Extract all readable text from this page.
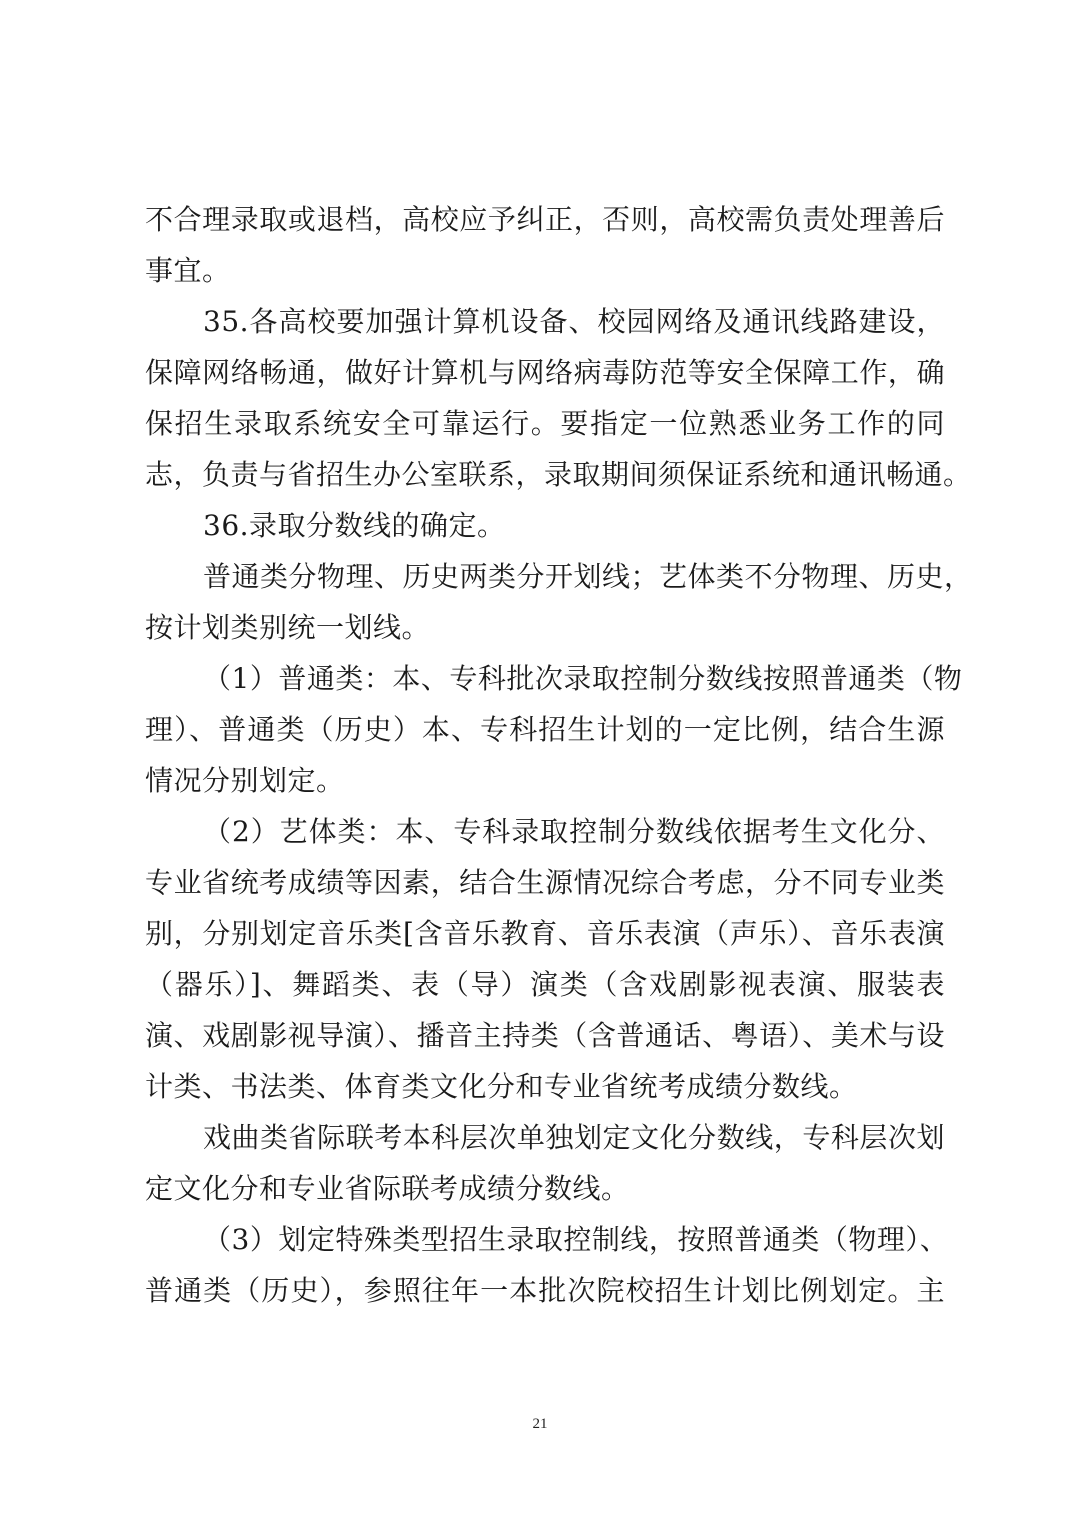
不合理录取或退档，高校应予纠正，否则，高校需负责处理善后
事宜。
35.各高校要加强计算机设备、校园网络及通讯线路建设，
保障网络畅通，做好计算机与网络病毒防范等安全保障工作，确
保招生录取系统安全可靠运行。要指定一位熟悉业务工作的同
志，负责与省招生办公室联系，录取期间须保证系统和通讯畅通。
36.录取分数线的确定。
普通类分物理、历史两类分开划线；艺体类不分物理、历史，
按计划类别统一划线。
（1）普通类：本、专科批次录取控制分数线按照普通类（物
理）、普通类（历史）本、专科招生计划的一定比例，结合生源
情况分别划定。
（2）艺体类：本、专科录取控制分数线依据考生文化分、
专业省统考成绩等因素，结合生源情况综合考虑，分不同专业类
别，分别划定音乐类[含音乐教育、音乐表演（声乐）、音乐表演
（器乐）]、舞蹈类、表（导）演类（含戏剧影视表演、服装表
演、戏剧影视导演）、播音主持类（含普通话、粤语）、美术与设
计类、书法类、体育类文化分和专业省统考成绩分数线。
戏曲类省际联考本科层次单独划定文化分数线，专科层次划
定文化分和专业省际联考成绩分数线。
（3）划定特殊类型招生录取控制线，按照普通类（物理）、
普通类（历史），参照往年一本批次院校招生计划比例划定。主
21
